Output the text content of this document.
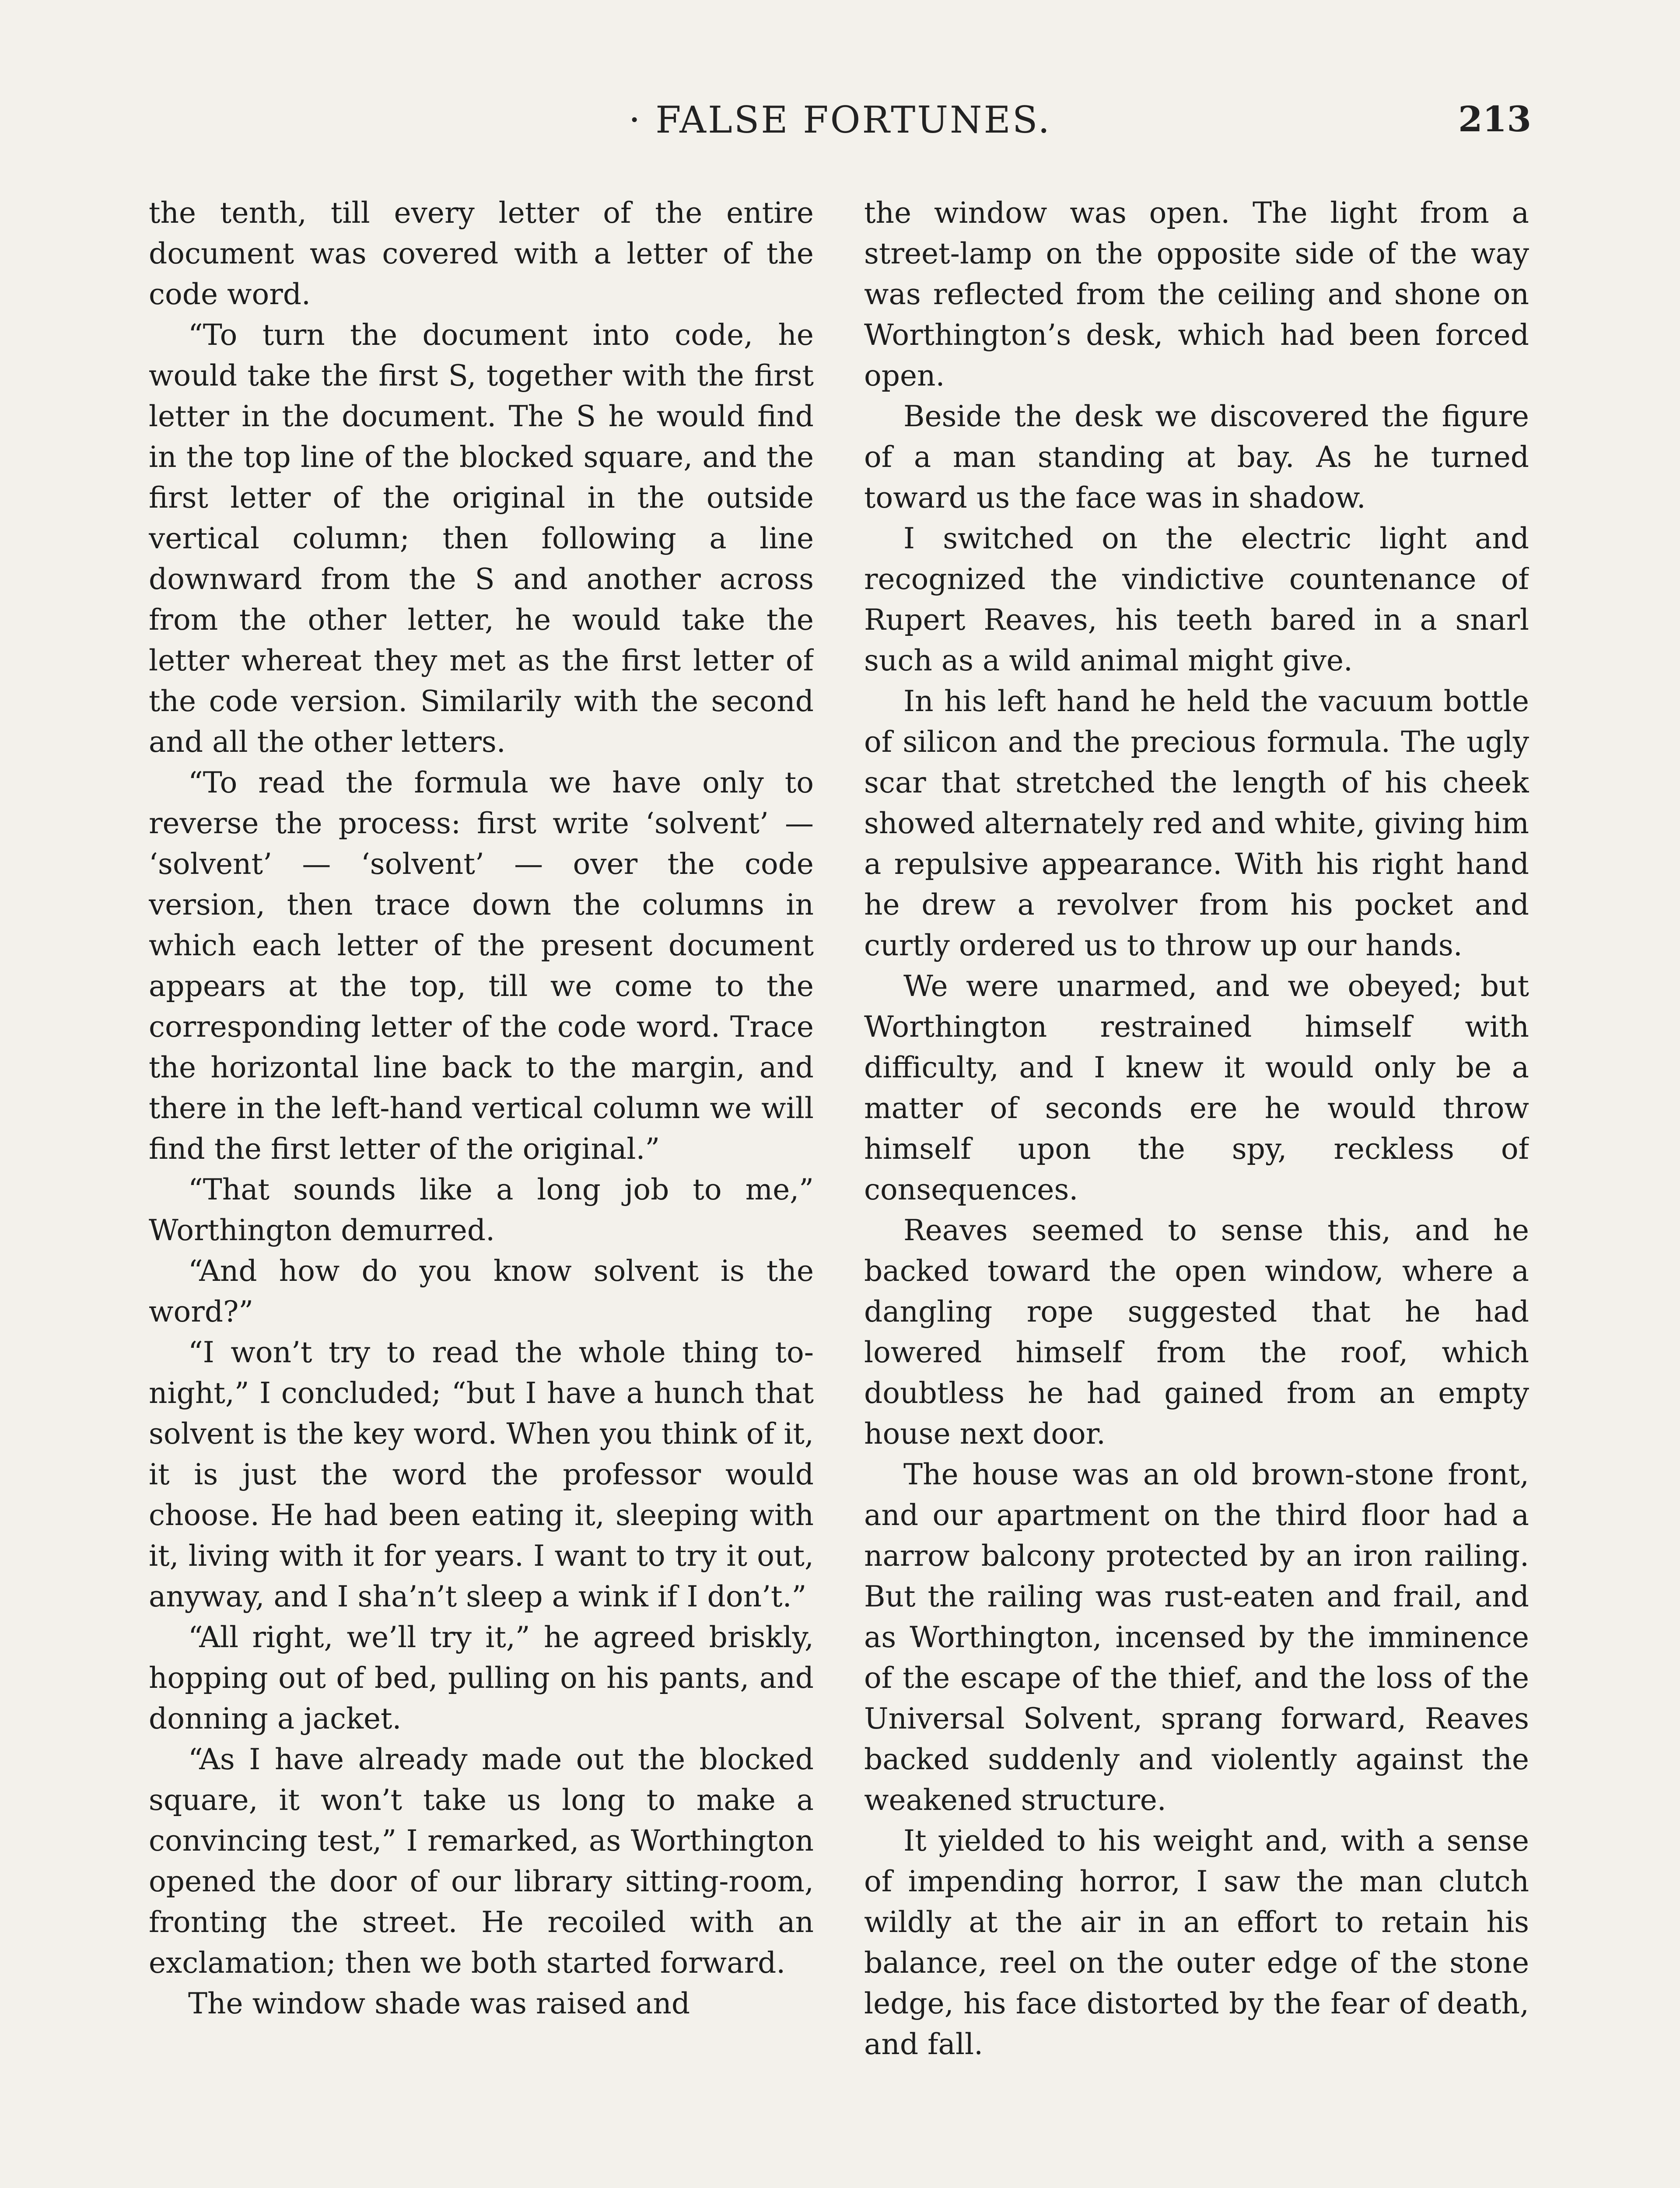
· FALSE FORTUNES.	213

the tenth, till every letter of the entire document was covered with a letter of the code word.

“To turn the document into code, he would take the first S, together with the first letter in the document. The S he would find in the top line of the blocked square, and the first letter of the original in the outside vertical column; then following a line downward from the S and another across from the other letter, he would take the letter whereat they met as the first letter of the code version. Similarily with the second and all the other letters.

“To read the formula we have only to reverse the process: first write ‘solvent’ — ‘solvent’ — ‘solvent’ — over the code version, then trace down the columns in which each letter of the present document appears at the top, till we come to the corresponding letter of the code word. Trace the horizontal line back to the margin, and there in the left-hand vertical column we will find the first letter of the original.”

“That sounds like a long job to me,” Worthington demurred.

“And how do you know solvent is the word?”

“I won’t try to read the whole thing to-night,” I concluded; “but I have a hunch that solvent is the key word. When you think of it, it is just the word the professor would choose. He had been eating it, sleeping with it, living with it for years. I want to try it out, anyway, and I sha’n’t sleep a wink if I don’t.”

“All right, we’ll try it,” he agreed briskly, hopping out of bed, pulling on his pants, and donning a jacket.

“As I have already made out the blocked square, it won’t take us long to make a convincing test,” I remarked, as Worthington opened the door of our library sitting-room, fronting the street. He recoiled with an exclamation; then we both started forward.

The window shade was raised and

the window was open. The light from a street-lamp on the opposite side of the way was reflected from the ceiling and shone on Worthington’s desk, which had been forced open.

Beside the desk we discovered the figure of a man standing at bay. As he turned toward us the face was in shadow.

I switched on the electric light and recognized the vindictive countenance of Rupert Reaves, his teeth bared in a snarl such as a wild animal might give.

In his left hand he held the vacuum bottle of silicon and the precious formula. The ugly scar that stretched the length of his cheek showed alternately red and white, giving him a repulsive appearance. With his right hand he drew a revolver from his pocket and curtly ordered us to throw up our hands.

We were unarmed, and we obeyed; but Worthington restrained himself with difficulty, and I knew it would only be a matter of seconds ere he would throw himself upon the spy, reckless of consequences.

Reaves seemed to sense this, and he backed toward the open window, where a dangling rope suggested that he had lowered himself from the roof, which doubtless he had gained from an empty house next door.

The house was an old brown-stone front, and our apartment on the third floor had a narrow balcony protected by an iron railing. But the railing was rust-eaten and frail, and as Worthington, incensed by the imminence of the escape of the thief, and the loss of the Universal Solvent, sprang forward, Reaves backed suddenly and violently against the weakened structure.

It yielded to his weight and, with a sense of impending horror, I saw the man clutch wildly at the air in an effort to retain his balance, reel on the outer edge of the stone ledge, his face distorted by the fear of death, and fall.
